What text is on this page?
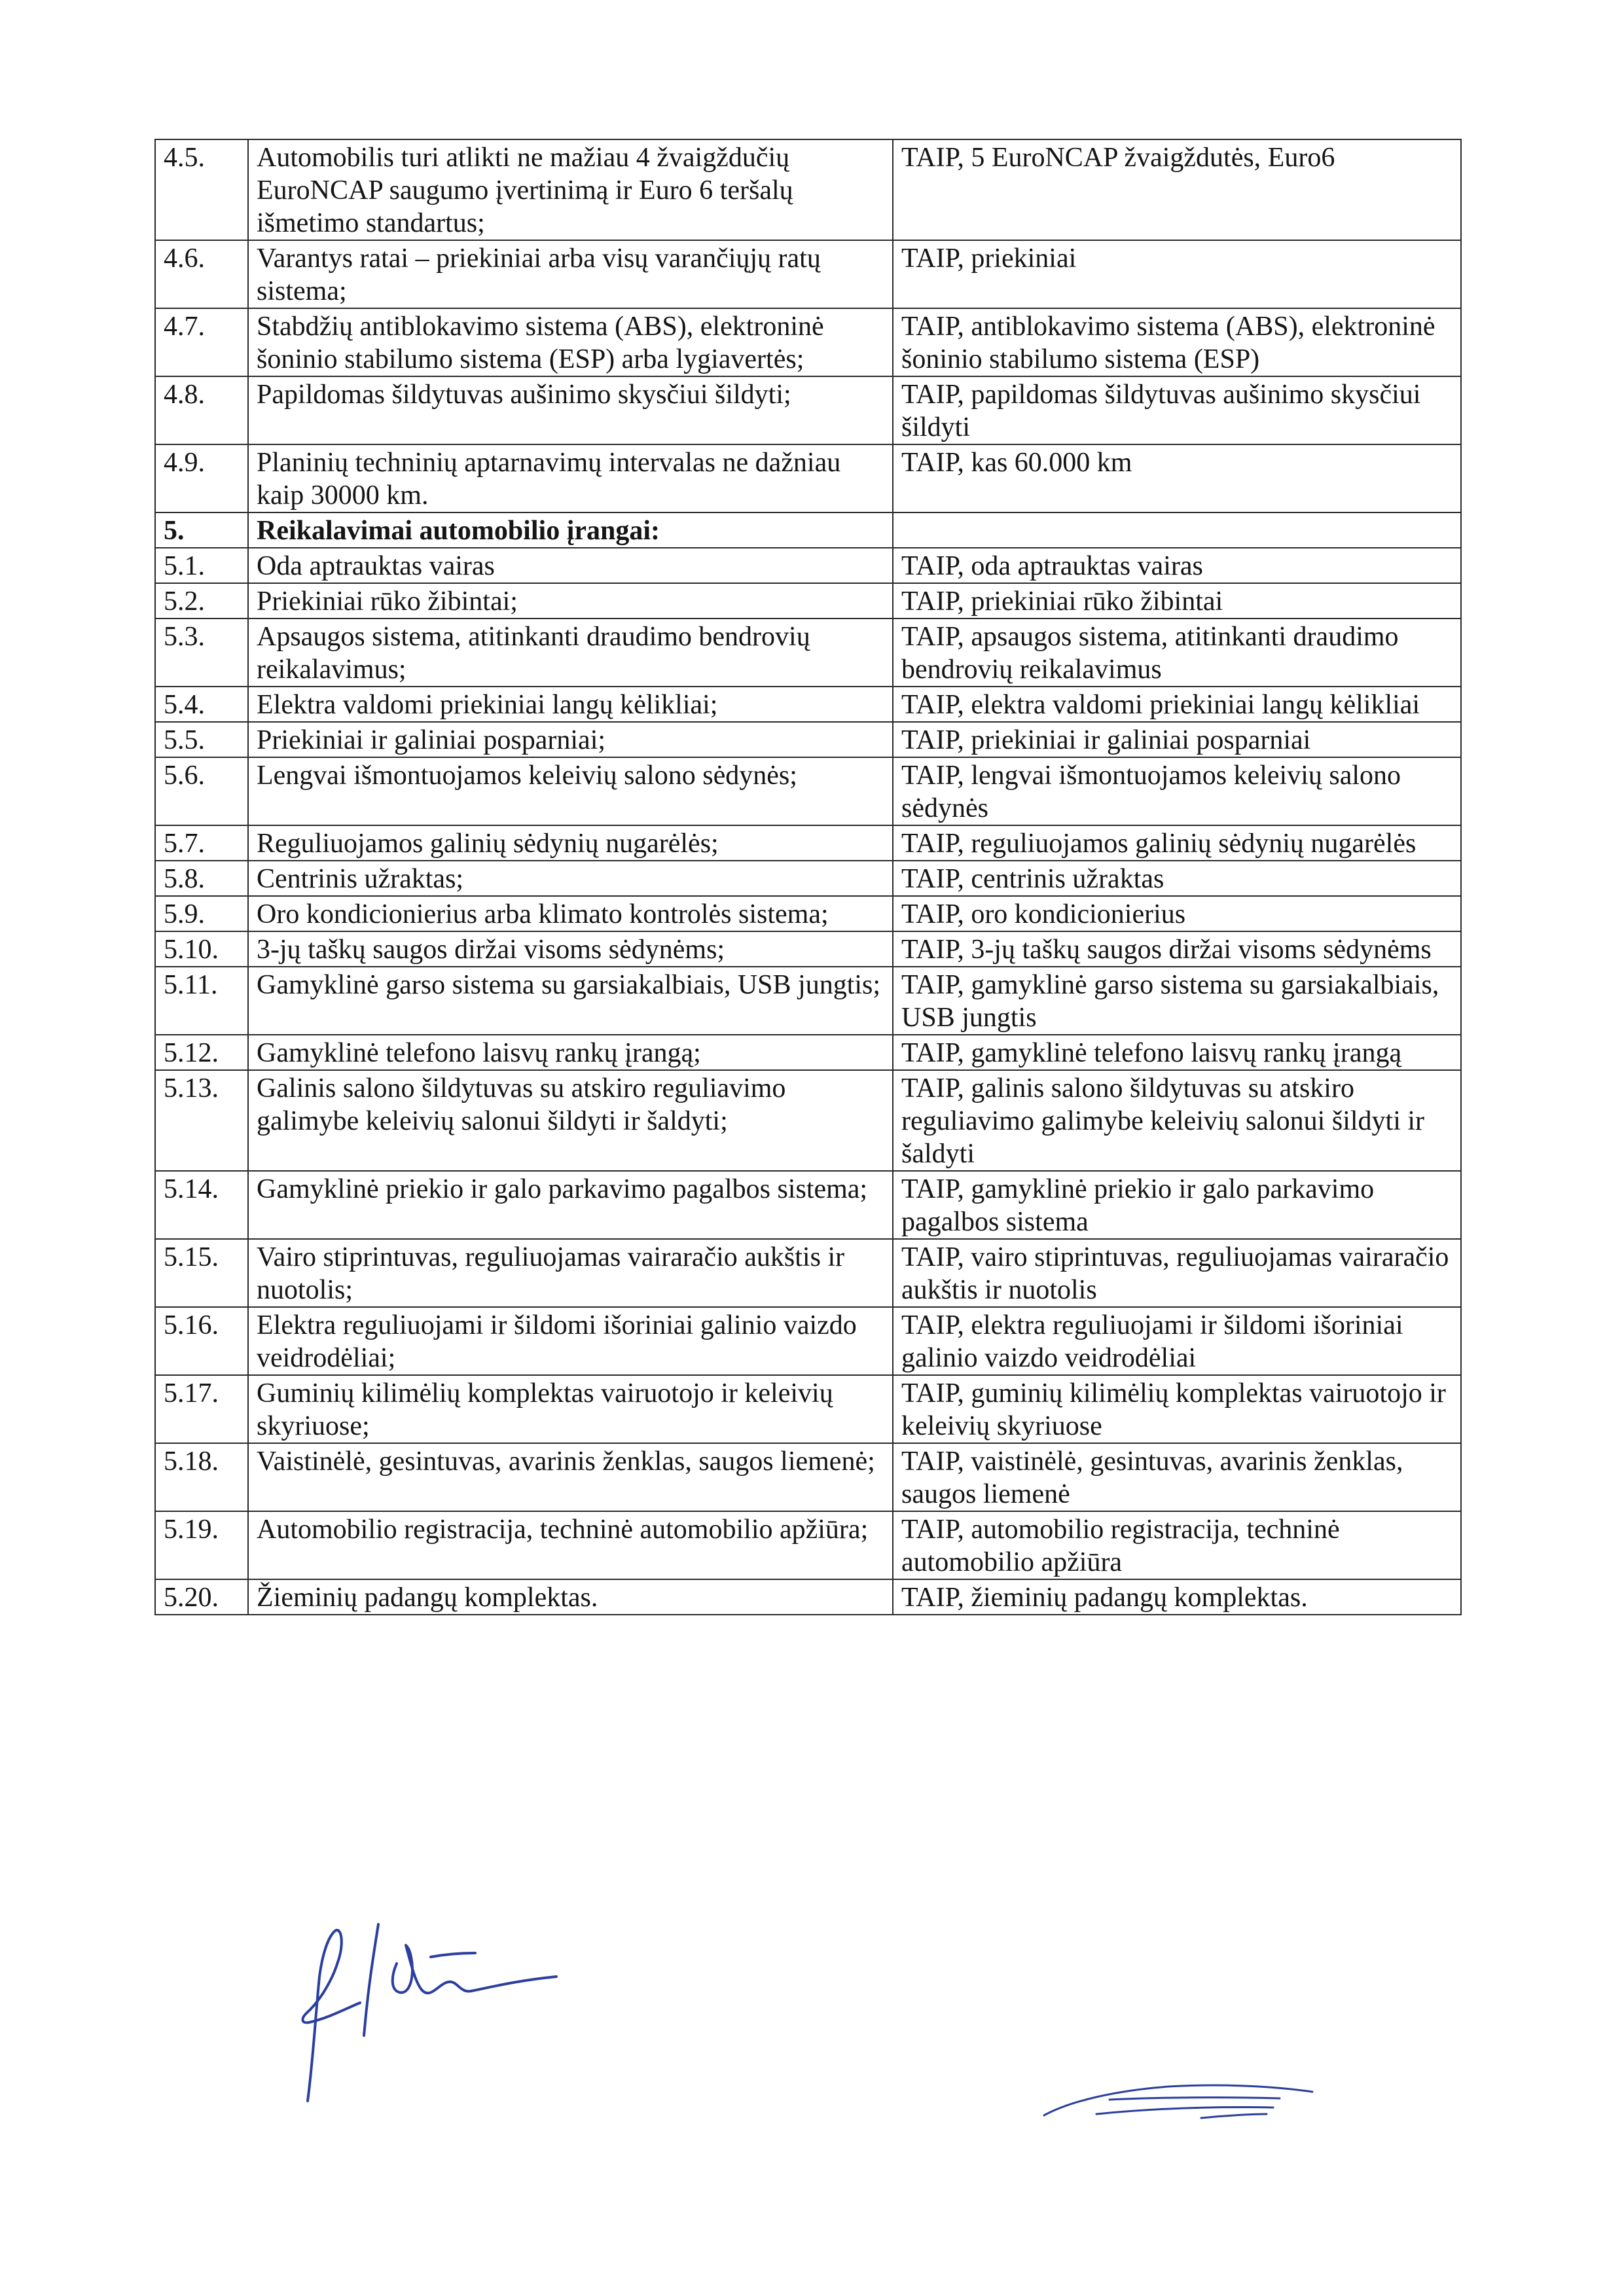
4.5.	Automobilis turi atlikti ne mažiau 4 žvaigždučių EuroNCAP saugumo įvertinimą ir Euro 6 teršalų išmetimo standartus;	TAIP, 5 EuroNCAP žvaigždutės, Euro6
4.6.	Varantys ratai – priekiniai arba visų varančiųjų ratų sistema;	TAIP, priekiniai
4.7.	Stabdžių antiblokavimo sistema (ABS), elektroninė šoninio stabilumo sistema (ESP) arba lygiavertės;	TAIP, antiblokavimo sistema (ABS), elektroninė šoninio stabilumo sistema (ESP)
4.8.	Papildomas šildytuvas aušinimo skysčiui šildyti;	TAIP, papildomas šildytuvas aušinimo skysčiui šildyti
4.9.	Planinių techninių aptarnavimų intervalas ne dažniau kaip 30000 km.	TAIP, kas 60.000 km
5.	Reikalavimai automobilio įrangai:	
5.1.	Oda aptrauktas vairas	TAIP, oda aptrauktas vairas
5.2.	Priekiniai rūko žibintai;	TAIP, priekiniai rūko žibintai
5.3.	Apsaugos sistema, atitinkanti draudimo bendrovių reikalavimus;	TAIP, apsaugos sistema, atitinkanti draudimo bendrovių reikalavimus
5.4.	Elektra valdomi priekiniai langų kėlikliai;	TAIP, elektra valdomi priekiniai langų kėlikliai
5.5.	Priekiniai ir galiniai posparniai;	TAIP, priekiniai ir galiniai posparniai
5.6.	Lengvai išmontuojamos keleivių salono sėdynės;	TAIP, lengvai išmontuojamos keleivių salono sėdynės
5.7.	Reguliuojamos galinių sėdynių nugarėlės;	TAIP, reguliuojamos galinių sėdynių nugarėlės
5.8.	Centrinis užraktas;	TAIP, centrinis užraktas
5.9.	Oro kondicionierius arba klimato kontrolės sistema;	TAIP, oro kondicionierius
5.10.	3-jų taškų saugos diržai visoms sėdynėms;	TAIP, 3-jų taškų saugos diržai visoms sėdynėms
5.11.	Gamyklinė garso sistema su garsiakalbiais, USB jungtis;	TAIP, gamyklinė garso sistema su garsiakalbiais, USB jungtis
5.12.	Gamyklinė telefono laisvų rankų įrangą;	TAIP, gamyklinė telefono laisvų rankų įrangą
5.13.	Galinis salono šildytuvas su atskiro reguliavimo galimybe keleivių salonui šildyti ir šaldyti;	TAIP, galinis salono šildytuvas su atskiro reguliavimo galimybe keleivių salonui šildyti ir šaldyti
5.14.	Gamyklinė priekio ir galo parkavimo pagalbos sistema;	TAIP, gamyklinė priekio ir galo parkavimo pagalbos sistema
5.15.	Vairo stiprintuvas, reguliuojamas vairaračio aukštis ir nuotolis;	TAIP, vairo stiprintuvas, reguliuojamas vairaračio aukštis ir nuotolis
5.16.	Elektra reguliuojami ir šildomi išoriniai galinio vaizdo veidrodėliai;	TAIP, elektra reguliuojami ir šildomi išoriniai galinio vaizdo veidrodėliai
5.17.	Guminių kilimėlių komplektas vairuotojo ir keleivių skyriuose;	TAIP, guminių kilimėlių komplektas vairuotojo ir keleivių skyriuose
5.18.	Vaistinėlė, gesintuvas, avarinis ženklas, saugos liemenė;	TAIP, vaistinėlė, gesintuvas, avarinis ženklas, saugos liemenė
5.19.	Automobilio registracija, techninė automobilio apžiūra;	TAIP, automobilio registracija, techninė automobilio apžiūra
5.20.	Žieminių padangų komplektas.	TAIP, žieminių padangų komplektas.
